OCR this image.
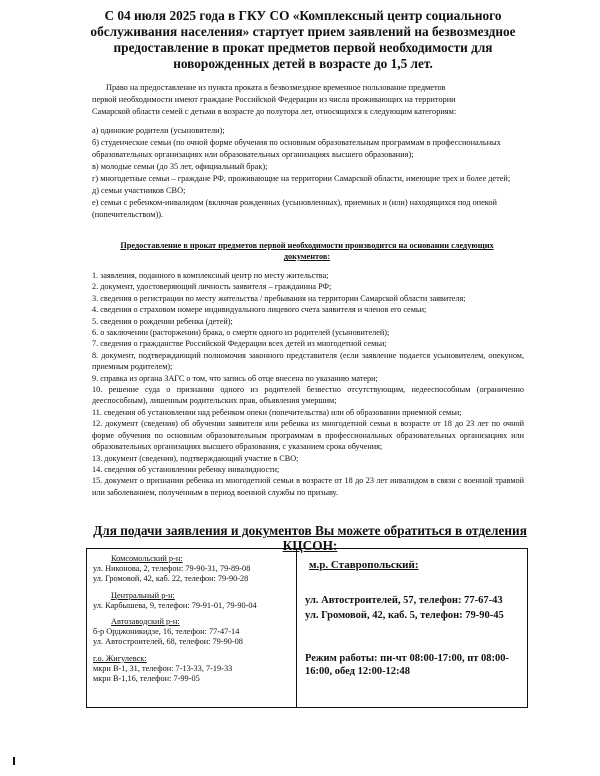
С 04 июля 2025 года в ГКУ СО «Комплексный центр социального
обслуживания населения» стартует прием заявлений на безвозмездное
предоставление в прокат предметов первой необходимости для
новорожденных детей в возрасте до 1,5 лет.
Право на предоставление из пункта проката в безвозмездное временное пользование предметов
первой необходимости имеют граждане Российской Федерации из числа проживающих на территории
Самарской области семей с детьми в возрасте до полутора лет, относящихся к следующим категориям:

а) одинокие родители (усыновители);

б) студенческие семьи (по очной форме обучения по основным образовательным программам в профессиональных образовательных организациях или образовательных организациях высшего образования);

в) молодые семьи (до 35 лет, официальный брак);

г) многодетные семьи – граждане РФ, проживающие на территории Самарской области, имеющие трех и более детей;

д) семьи участников СВО;

е) семьи с ребенком-инвалидом (включая рожденных (усыновленных), приемных и (или) находящихся под опекой (попечительством)).

Предоставление в прокат предметов первой необходимости производится на основании следующих
документов:

1. заявления, поданного в комплексный центр по месту жительства;

2. документ, удостоверяющий личность заявителя – гражданина РФ;

3. сведения о регистрации по месту жительства / пребывания на территории Самарской области заявителя;

4. сведения о страховом номере индивидуального лицевого счета заявителя и членов его семьи;

5. сведения о рождении ребенка (детей);

6. о заключении (расторжении) брака, о смерти одного из родителей (усыновителей);

7. сведения о гражданстве Российской Федерации всех детей из многодетной семьи;

8. документ, подтверждающий полномочия законного представителя (если заявление подается усыновителем, опекуном, приемным родителем);

9. справка из органа ЗАГС о том, что запись об отце внесена по указанию матери;

10. решение суда о признании одного из родителей безвестно отсутствующим, недееспособным (ограниченно дееспособным), лишенным родительских прав, объявления умершим;

11. сведения об установлении над ребенком опеки (попечительства) или об образовании приемной семьи;

12. документ (сведения) об обучении заявителя или ребенка из многодетной семьи в возрасте от 18 до 23 лет по очной форме обучения по основным образовательным программам в профессиональных образовательных организациях или образовательных организациях высшего образования, с указанием срока обучения;

13. документ (сведения), подтверждающий участие в СВО;

14. сведения об установлении ребенку инвалидности;

15. документ о признании ребенка из многодетной семьи в возрасте от 18 до 23 лет инвалидом в связи с военной травмой или заболеванием, полученным в период военной службы по призыву.

Для подачи заявления и документов Вы можете обратиться в отделения
КЦСОН:
Комсомольский р-н:
ул. Никонова, 2, телефон: 79-90-31, 79-89-08
ул. Громовой, 42, каб. 22, телефон: 79-90-28
Центральный р-н:
ул. Карбышева, 9, телефон: 79-91-01, 79-90-04
Автозаводский р-н:
б-р Орджоникидзе, 16, телефон: 77-47-14
ул. Автостроителей, 68, телефон: 79-90-08
г.о. Жигулевск:
мкрн В-1, 31, телефон: 7-13-33, 7-19-33
мкрн В-1,16, телефон: 7-99-05
м.р. Ставропольский:
ул. Автостроителей, 57, телефон: 77-67-43
ул. Громовой, 42, каб. 5, телефон: 79-90-45
Режим работы: пн-чт 08:00-17:00, пт 08:00-16:00, обед 12:00-12:48
